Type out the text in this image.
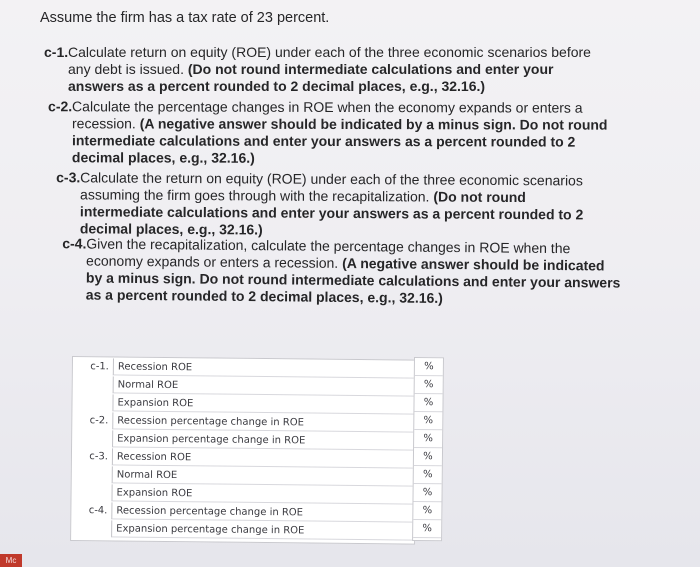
Assume the firm has a tax rate of 23 percent.
c-1.Calculate return on equity (ROE) under each of the three economic scenarios before
any debt is issued. (Do not round intermediate calculations and enter your
answers as a percent rounded to 2 decimal places, e.g., 32.16.)
c-2.Calculate the percentage changes in ROE when the economy expands or enters a
recession. (A negative answer should be indicated by a minus sign. Do not round
intermediate calculations and enter your answers as a percent rounded to 2
decimal places, e.g., 32.16.)
c-3.Calculate the return on equity (ROE) under each of the three economic scenarios
assuming the firm goes through with the recapitalization. (Do not round
intermediate calculations and enter your answers as a percent rounded to 2
decimal places, e.g., 32.16.)
c-4.Given the recapitalization, calculate the percentage changes in ROE when the
economy expands or enters a recession. (A negative answer should be indicated
by a minus sign. Do not round intermediate calculations and enter your answers
as a percent rounded to 2 decimal places, e.g., 32.16.)
c-1. Recession ROE
Normal ROE
Expansion ROE
c-2. Recession percentage change in ROE
Expansion percentage change in ROE
c-3. Recession ROE
Normal ROE
Expansion ROE
c-4. Recession percentage change in ROE
Expansion percentage change in ROE
%
%
%
%
%
%
%
%
%
%
Mc
